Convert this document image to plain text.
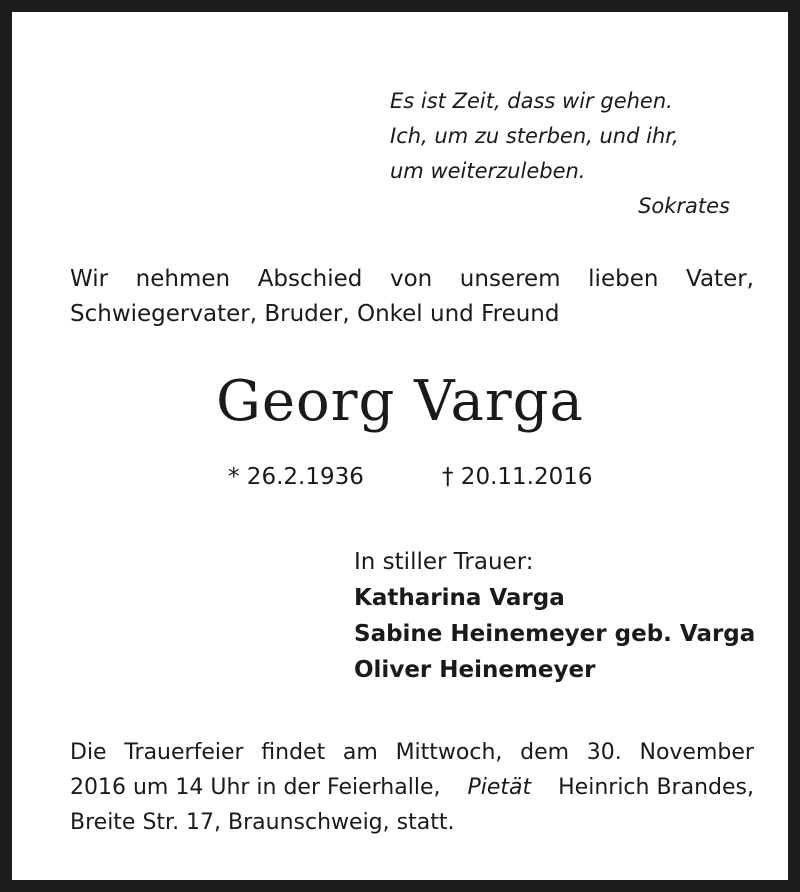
Es ist Zeit, dass wir gehen.
Ich, um zu sterben, und ihr,
um weiterzuleben.
Sokrates
Wir nehmen Abschied von unserem lieben Vater,
Schwiegervater, Bruder, Onkel und Freund
Georg Varga
* 26.2.1936	† 20.11.2016
In stiller Trauer:
Katharina Varga
Sabine Heinemeyer geb. Varga
Oliver Heinemeyer
Die Trauerfeier findet am Mittwoch, dem 30. November
2016 um 14 Uhr in der Feierhalle, Pietät Heinrich Brandes,
Breite Str. 17, Braunschweig, statt.
